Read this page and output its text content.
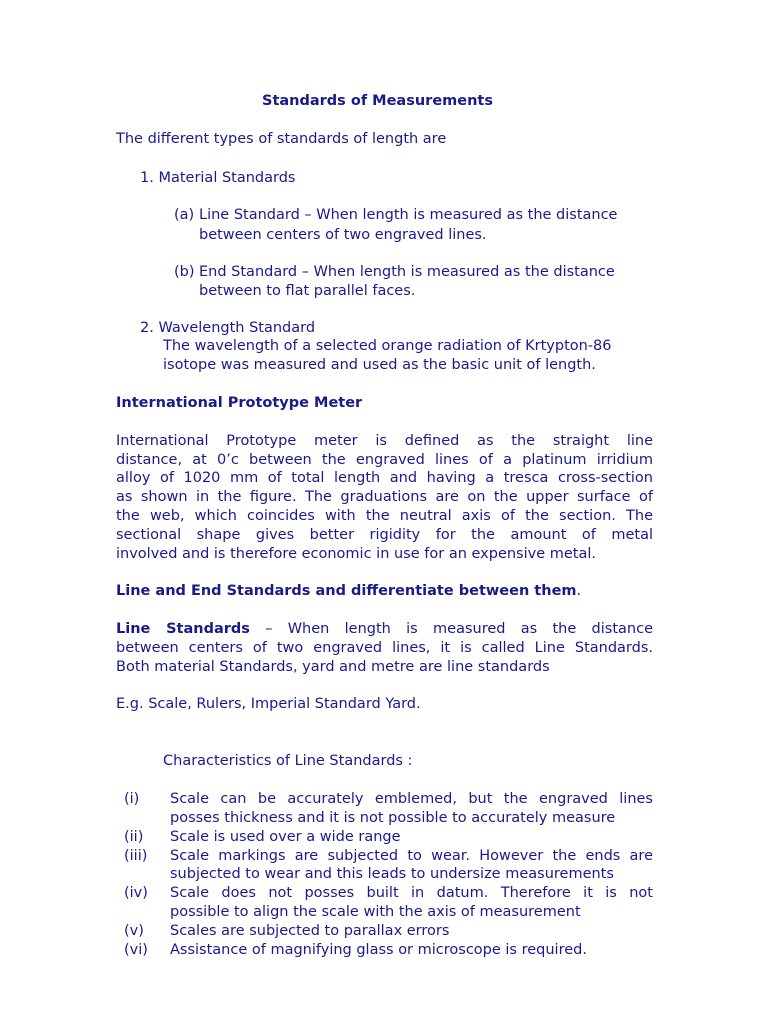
Standards of Measurements
The different types of standards of length are
1. Material Standards
(a) Line Standard – When length is measured as the distance
between centers of two engraved lines.
(b) End Standard – When length is measured as the distance
between to flat parallel faces.
2. Wavelength Standard
The wavelength of a selected orange radiation of Krtypton-86
isotope was measured and used as the basic unit of length.
International Prototype Meter
International Prototype meter is defined as the straight line
distance, at 0’c between the engraved lines of a platinum irridium
alloy of 1020 mm of total length and having a tresca cross-section
as shown in the figure. The graduations are on the upper surface of
the web, which coincides with the neutral axis of the section. The
sectional shape gives better rigidity for the amount of metal
involved and is therefore economic in use for an expensive metal.
Line and End Standards and differentiate between them.
Line Standards – When length is measured as the distance
between centers of two engraved lines, it is called Line Standards.
Both material Standards, yard and metre are line standards
E.g. Scale, Rulers, Imperial Standard Yard.
Characteristics of Line Standards :
(i) Scale can be accurately emblemed, but the engraved lines
posses thickness and it is not possible to accurately measure
(ii) Scale is used over a wide range
(iii) Scale markings are subjected to wear. However the ends are
subjected to wear and this leads to undersize measurements
(iv) Scale does not posses built in datum. Therefore it is not
possible to align the scale with the axis of measurement
(v) Scales are subjected to parallax errors
(vi) Assistance of magnifying glass or microscope is required.
